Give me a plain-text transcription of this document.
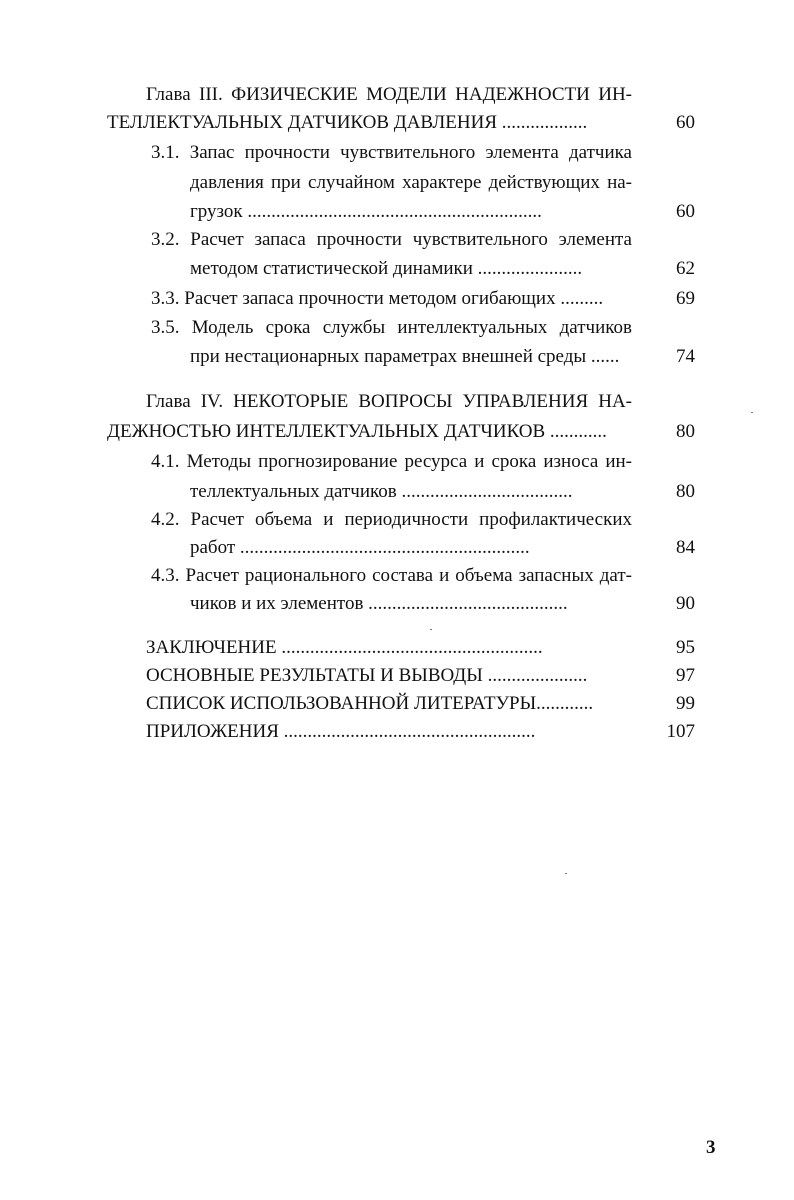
Глава III. ФИЗИЧЕСКИЕ МОДЕЛИ НАДЕЖНОСТИ ИН-
ТЕЛЛЕКТУАЛЬНЫХ ДАТЧИКОВ ДАВЛЕНИЯ ..................	60
3.1. Запас прочности чувствительного элемента датчика
давления при случайном характере действующих на-
грузок ..............................................................	60
3.2. Расчет запаса прочности чувствительного элемента
методом статистической динамики ......................	62
3.3. Расчет запаса прочности методом огибающих .........	69
3.5. Модель срока службы интеллектуальных датчиков
при нестационарных параметрах внешней среды ......	74
Глава IV. НЕКОТОРЫЕ ВОПРОСЫ УПРАВЛЕНИЯ НА-
ДЕЖНОСТЬЮ ИНТЕЛЛЕКТУАЛЬНЫХ ДАТЧИКОВ ............	80
4.1. Методы прогнозирование ресурса и срока износа ин-
теллектуальных датчиков ....................................	80
4.2. Расчет объема и периодичности профилактических
работ .............................................................	84
4.3. Расчет рационального состава и объема запасных дат-
чиков и их элементов ..........................................	90
ЗАКЛЮЧЕНИЕ .......................................................	95
ОСНОВНЫЕ РЕЗУЛЬТАТЫ И ВЫВОДЫ .....................	97
СПИСОК ИСПОЛЬЗОВАННОЙ ЛИТЕРАТУРЫ............	99
ПРИЛОЖЕНИЯ .....................................................	107
3
